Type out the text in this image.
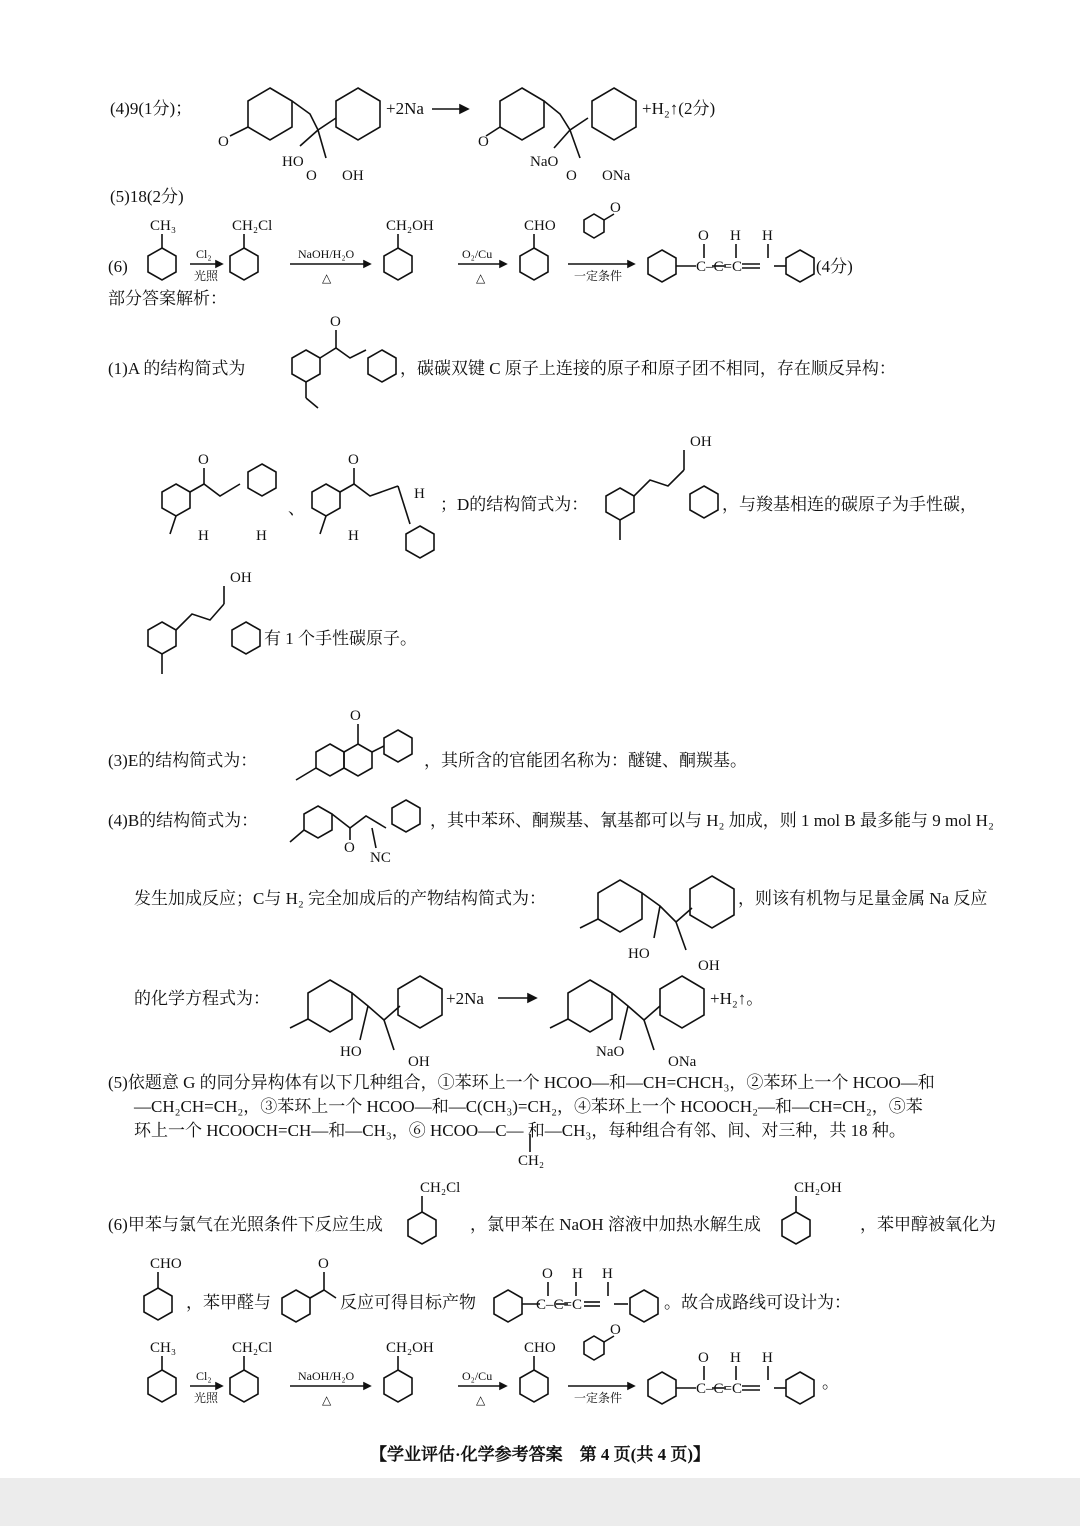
(4)9(1分)；	+2Na	+H₂↑(2分)
(5)18(2分)
(6)	(4分)
部分答案解析：
(1)A 的结构简式为	，碳碳双键 C 原子上连接的原子和原子团不相同，存在顺反异构：
、	；D的结构简式为：	，与羧基相连的碳原子为手性碳，
有 1 个手性碳原子。
(3)E的结构简式为：	，其所含的官能团名称为：醚键、酮羰基。
(4)B的结构简式为：	，其中苯环、酮羰基、氰基都可以与 H₂ 加成，则 1 mol B 最多能与 9 mol H₂
发生加成反应；C与 H₂ 完全加成后的产物结构简式为：	，则该有机物与足量金属 Na 反应
的化学方程式为：	+2Na	+H₂↑。
(5)依题意 G 的同分异构体有以下几种组合，①苯环上一个 HCOO—和—CH=CHCH₃，②苯环上一个 HCOO—和
—CH₂CH=CH₂，③苯环上一个 HCOO—和—C(CH₃)=CH₂，④苯环上一个 HCOOCH₂—和—CH=CH₂，⑤苯
环上一个 HCOOCH=CH—和—CH₃，⑥ HCOO—C— 和—CH₃，每种组合有邻、间、对三种，共 18 种。
CH₂
(6)甲苯与氯气在光照条件下反应生成	，氯甲苯在 NaOH 溶液中加热水解生成	，苯甲醇被氧化为
，苯甲醛与	反应可得目标产物	。故合成路线可设计为：
。
【学业评估·化学参考答案　第 4 页(共 4 页)】
O
HO
O OH
O
NaO
O ONa
CH₃	CH₂Cl	CH₂OH	CHO
O
O H H
C–C=C
O
O
H	H
O
H
H
OH
OH
O
O
NC
HO
OH
HO
OH
NaO
ONa
CH₂Cl	CH₂OH
CHO	O
O H H
C–C=C
CH₃	CH₂Cl	CH₂OH	CHO
O
O H H
C–C=C
Cl₂
光照
NaOH/H₂O
△
O₂/Cu
△	一定条件
Cl₂
光照
NaOH/H₂O
△
O₂/Cu
△	一定条件
